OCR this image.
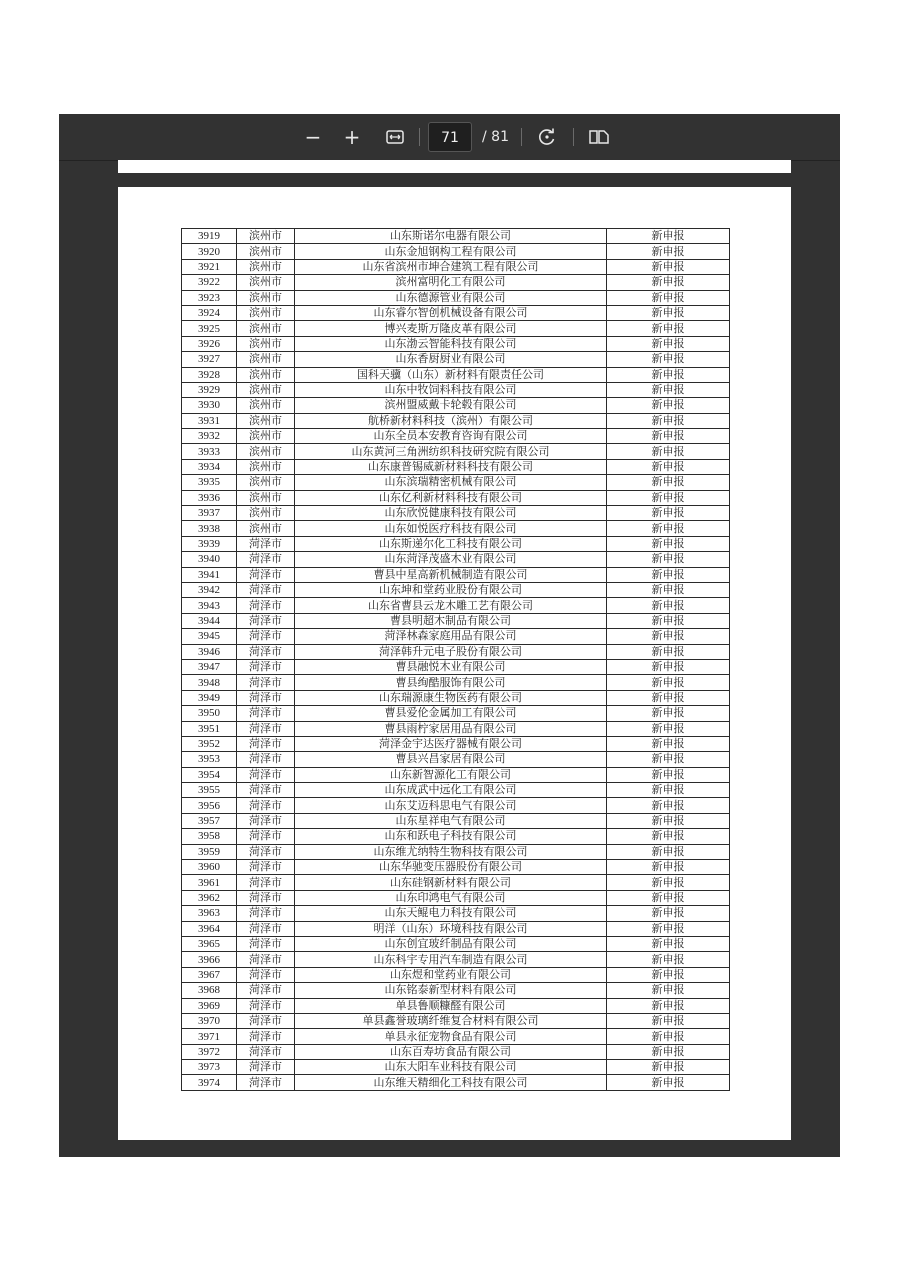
− +	71	/ 81
3919	滨州市	山东斯诺尔电器有限公司	新申报
3920	滨州市	山东金旭钢构工程有限公司	新申报
3921	滨州市	山东省滨州市坤合建筑工程有限公司	新申报
3922	滨州市	滨州富明化工有限公司	新申报
3923	滨州市	山东德源管业有限公司	新申报
3924	滨州市	山东睿尔智创机械设备有限公司	新申报
3925	滨州市	博兴麦斯万隆皮革有限公司	新申报
3926	滨州市	山东渤云智能科技有限公司	新申报
3927	滨州市	山东香厨厨业有限公司	新申报
3928	滨州市	国科天骥（山东）新材料有限责任公司	新申报
3929	滨州市	山东中牧饲料科技有限公司	新申报
3930	滨州市	滨州盟威戴卡轮毂有限公司	新申报
3931	滨州市	航桥新材料科技（滨州）有限公司	新申报
3932	滨州市	山东全员本安教育咨询有限公司	新申报
3933	滨州市	山东黄河三角洲纺织科技研究院有限公司	新申报
3934	滨州市	山东康普锡威新材料科技有限公司	新申报
3935	滨州市	山东滨瑞精密机械有限公司	新申报
3936	滨州市	山东亿利新材料科技有限公司	新申报
3937	滨州市	山东欣悦健康科技有限公司	新申报
3938	滨州市	山东如悦医疗科技有限公司	新申报
3939	菏泽市	山东斯递尔化工科技有限公司	新申报
3940	菏泽市	山东菏泽茂盛木业有限公司	新申报
3941	菏泽市	曹县中星高新机械制造有限公司	新申报
3942	菏泽市	山东坤和堂药业股份有限公司	新申报
3943	菏泽市	山东省曹县云龙木雕工艺有限公司	新申报
3944	菏泽市	曹县明超木制品有限公司	新申报
3945	菏泽市	菏泽林森家庭用品有限公司	新申报
3946	菏泽市	菏泽韩升元电子股份有限公司	新申报
3947	菏泽市	曹县融悦木业有限公司	新申报
3948	菏泽市	曹县绚酷服饰有限公司	新申报
3949	菏泽市	山东瑞源康生物医药有限公司	新申报
3950	菏泽市	曹县爱伦金属加工有限公司	新申报
3951	菏泽市	曹县雨柠家居用品有限公司	新申报
3952	菏泽市	菏泽金宇达医疗器械有限公司	新申报
3953	菏泽市	曹县兴昌家居有限公司	新申报
3954	菏泽市	山东新智源化工有限公司	新申报
3955	菏泽市	山东成武中远化工有限公司	新申报
3956	菏泽市	山东艾迈科思电气有限公司	新申报
3957	菏泽市	山东星祥电气有限公司	新申报
3958	菏泽市	山东和跃电子科技有限公司	新申报
3959	菏泽市	山东维尤纳特生物科技有限公司	新申报
3960	菏泽市	山东华驰变压器股份有限公司	新申报
3961	菏泽市	山东硅钢新材料有限公司	新申报
3962	菏泽市	山东印鸿电气有限公司	新申报
3963	菏泽市	山东天鲲电力科技有限公司	新申报
3964	菏泽市	明洋（山东）环境科技有限公司	新申报
3965	菏泽市	山东创宜玻纤制品有限公司	新申报
3966	菏泽市	山东科宇专用汽车制造有限公司	新申报
3967	菏泽市	山东煜和堂药业有限公司	新申报
3968	菏泽市	山东铭泰新型材料有限公司	新申报
3969	菏泽市	单县鲁顺糠醛有限公司	新申报
3970	菏泽市	单县鑫誉玻璃纤维复合材料有限公司	新申报
3971	菏泽市	单县永征宠物食品有限公司	新申报
3972	菏泽市	山东百寿坊食品有限公司	新申报
3973	菏泽市	山东大阳车业科技有限公司	新申报
3974	菏泽市	山东维天精细化工科技有限公司	新申报
